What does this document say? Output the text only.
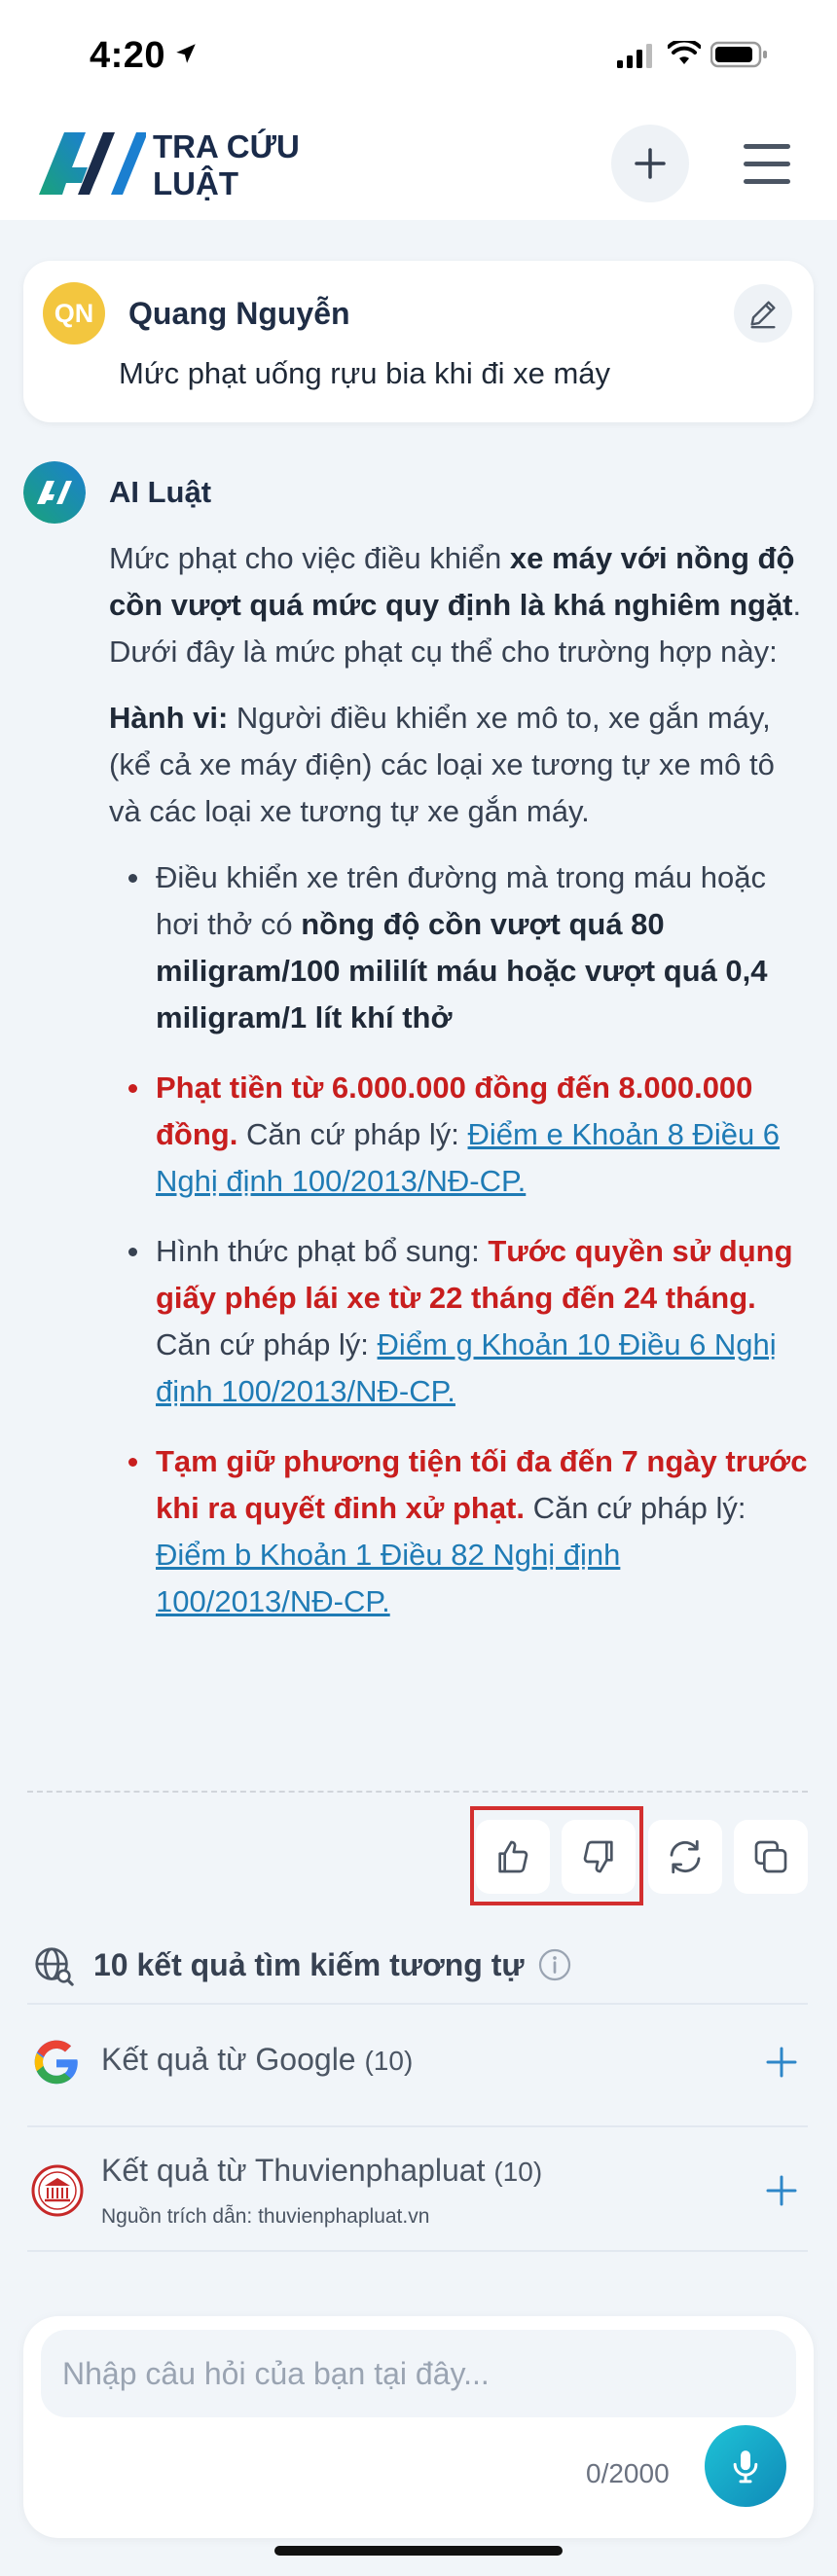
4:20
TRA CỨU
LUẬT
QN	Quang Nguyễn
Mức phạt uống rựu bia khi đi xe máy
AI Luật

Mức phạt cho việc điều khiển xe máy với nồng độ cồn vượt quá mức quy định là khá nghiêm ngặt. Dưới đây là mức phạt cụ thể cho trường hợp này:

Hành vi: Người điều khiển xe mô to, xe gắn máy, (kể cả xe máy điện) các loại xe tương tự xe mô tô và các loại xe tương tự xe gắn máy.

Điều khiển xe trên đường mà trong máu hoặc hơi thở có nồng độ cồn vượt quá 80 miligram/100 mililít máu hoặc vượt quá 0,4 miligram/1 lít khí thở
Phạt tiền từ 6.000.000 đồng đến 8.000.000 đồng. Căn cứ pháp lý: Điểm e Khoản 8 Điều 6 Nghị định 100/2013/NĐ-CP.
Hình thức phạt bổ sung: Tước quyền sử dụng giấy phép lái xe từ 22 tháng đến 24 tháng. Căn cứ pháp lý: Điểm g Khoản 10 Điều 6 Nghị định 100/2013/NĐ-CP.
Tạm giữ phương tiện tối đa đến 7 ngày trước khi ra quyết đinh xử phạt. Căn cứ pháp lý: Điểm b Khoản 1 Điều 82 Nghị định 100/2013/NĐ-CP.
10 kết quả tìm kiếm tương tự
Kết quả từ Google (10)
Kết quả từ Thuvienphapluat (10)
Nguồn trích dẫn: thuvienphapluat.vn
Nhập câu hỏi của bạn tại đây...
0/2000
